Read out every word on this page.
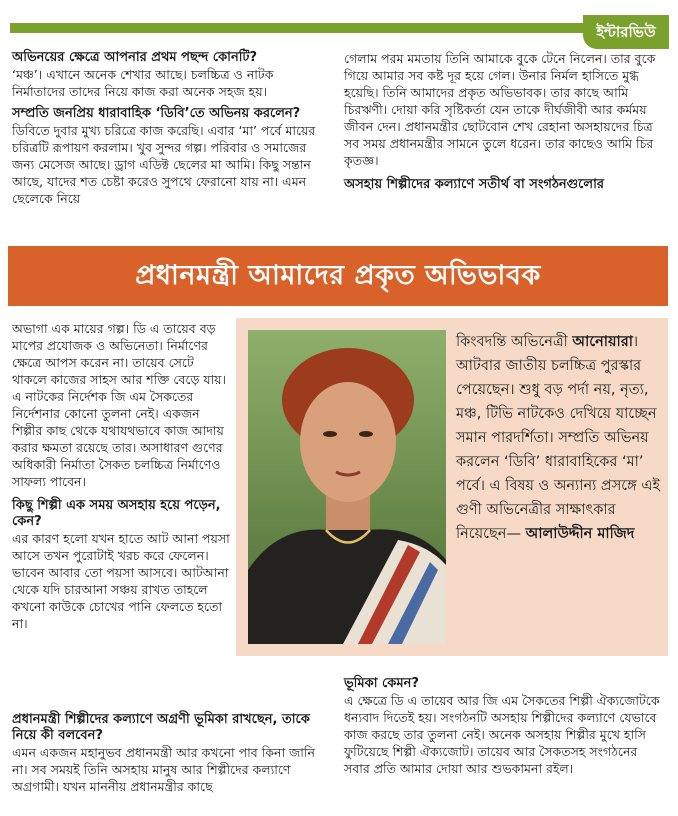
ইন্টারভিউ
অভিনয়ের ক্ষেত্রে আপনার প্রথম পছন্দ কোনটি?
‘মঞ্চ’। এখানে অনেক শেখার আছে। চলচ্চিত্র ও নাটক নির্মাতাদের তাদের নিয়ে কাজ করা অনেক সহজ হয়।
সম্প্রতি জনপ্রিয় ধারাবাহিক ‘ডিবি’তে অভিনয় করলেন?
ডিবিতে দুবার মুখ্য চরিত্রে কাজ করেছি। এবার ‘মা’ পর্বে মায়ের চরিত্রটি রূপায়ণ করলাম। খুব সুন্দর গল্প। পরিবার ও সমাজের জন্য মেসেজ আছে। ড্রাগ এডিক্ট ছেলের মা আমি। কিছু সন্তান আছে, যাদের শত চেষ্টা করেও সুপথে ফেরানো যায় না। এমন ছেলেকে নিয়ে
গেলাম পরম মমতায় তিনি আমাকে বুকে টেনে নিলেন। তার বুকে গিয়ে আমার সব কষ্ট দূর হয়ে গেল। উনার নির্মল হাসিতে মুগ্ধ হয়েছি। তিনি আমাদের প্রকৃত অভিভাবক। তার কাছে আমি চিরঋণী। দোয়া করি সৃষ্টিকর্তা যেন তাকে দীর্ঘজীবী আর কর্মময় জীবন দেন। প্রধানমন্ত্রীর ছোটবোন শেখ রেহানা অসহায়দের চিত্র সব সময় প্রধানমন্ত্রীর সামনে তুলে ধরেন। তার কাছেও আমি চির কৃতজ্ঞ।
অসহায় শিল্পীদের কল্যাণে সতীর্থ বা সংগঠনগুলোর
প্রধানমন্ত্রী আমাদের প্রকৃত অভিভাবক
কিংবদন্তি অভিনেত্রী আনোয়ারা। আটবার জাতীয় চলচ্চিত্র পুরস্কার পেয়েছেন। শুধু বড় পর্দা নয়, নৃত্য, মঞ্চ, টিভি নাটকেও দেখিয়ে যাচ্ছেন সমান পারদর্শিতা। সম্প্রতি অভিনয় করলেন ‘ডিবি’ ধারাবাহিকের ‘মা’ পর্বে। এ বিষয় ও অন্যান্য প্রসঙ্গে এই গুণী অভিনেত্রীর সাক্ষাৎকার নিয়েছেন— আলাউদ্দীন মাজিদ
অভাগা এক মায়ের গল্প। ডি এ তায়েব বড় মাপের প্রযোজক ও অভিনেতা। নির্মাণের ক্ষেত্রে আপস করেন না। তায়েব সেটে থাকলে কাজের সাহস আর শক্তি বেড়ে যায়। এ নাটকের নির্দেশক জি এম সৈকতের নির্দেশনার কোনো তুলনা নেই। একজন শিল্পীর কাছ থেকে যথাযথভাবে কাজ আদায় করার ক্ষমতা রয়েছে তার। অসাধারণ গুণের অধিকারী নির্মাতা সৈকত চলচ্চিত্র নির্মাণেও সাফল্য পাবেন।
কিছু শিল্পী এক সময় অসহায় হয়ে পড়েন, কেন?
এর কারণ হলো যখন হাতে আট আনা পয়সা আসে তখন পুরোটাই খরচ করে ফেলেন। ভাবেন আবার তো পয়সা আসবে। আটআনা থেকে যদি চারআনা সঞ্চয় রাখত তাহলে কখনো কাউকে চোখের পানি ফেলতে হতো না।
প্রধানমন্ত্রী শিল্পীদের কল্যাণে অগ্রণী ভূমিকা রাখছেন, তাকে নিয়ে কী বলবেন?
এমন একজন মহানুভব প্রধানমন্ত্রী আর কখনো পাব কিনা জানি না। সব সময়ই তিনি অসহায় মানুষ আর শিল্পীদের কল্যাণে অগ্রগামী। যখন মাননীয় প্রধানমন্ত্রীর কাছে
ভূমিকা কেমন?
এ ক্ষেত্রে ডি এ তায়েব আর জি এম সৈকতের শিল্পী ঐক্যজোটকে ধন্যবাদ দিতেই হয়। সংগঠনটি অসহায় শিল্পীদের কল্যাণে যেভাবে কাজ করছে তার তুলনা নেই। অনেক অসহায় শিল্পীর মুখে হাসি ফুটিয়েছে শিল্পী ঐক্যজোট। তায়েব আর সৈকতসহ সংগঠনের সবার প্রতি আমার দোয়া আর শুভকামনা রইল।
